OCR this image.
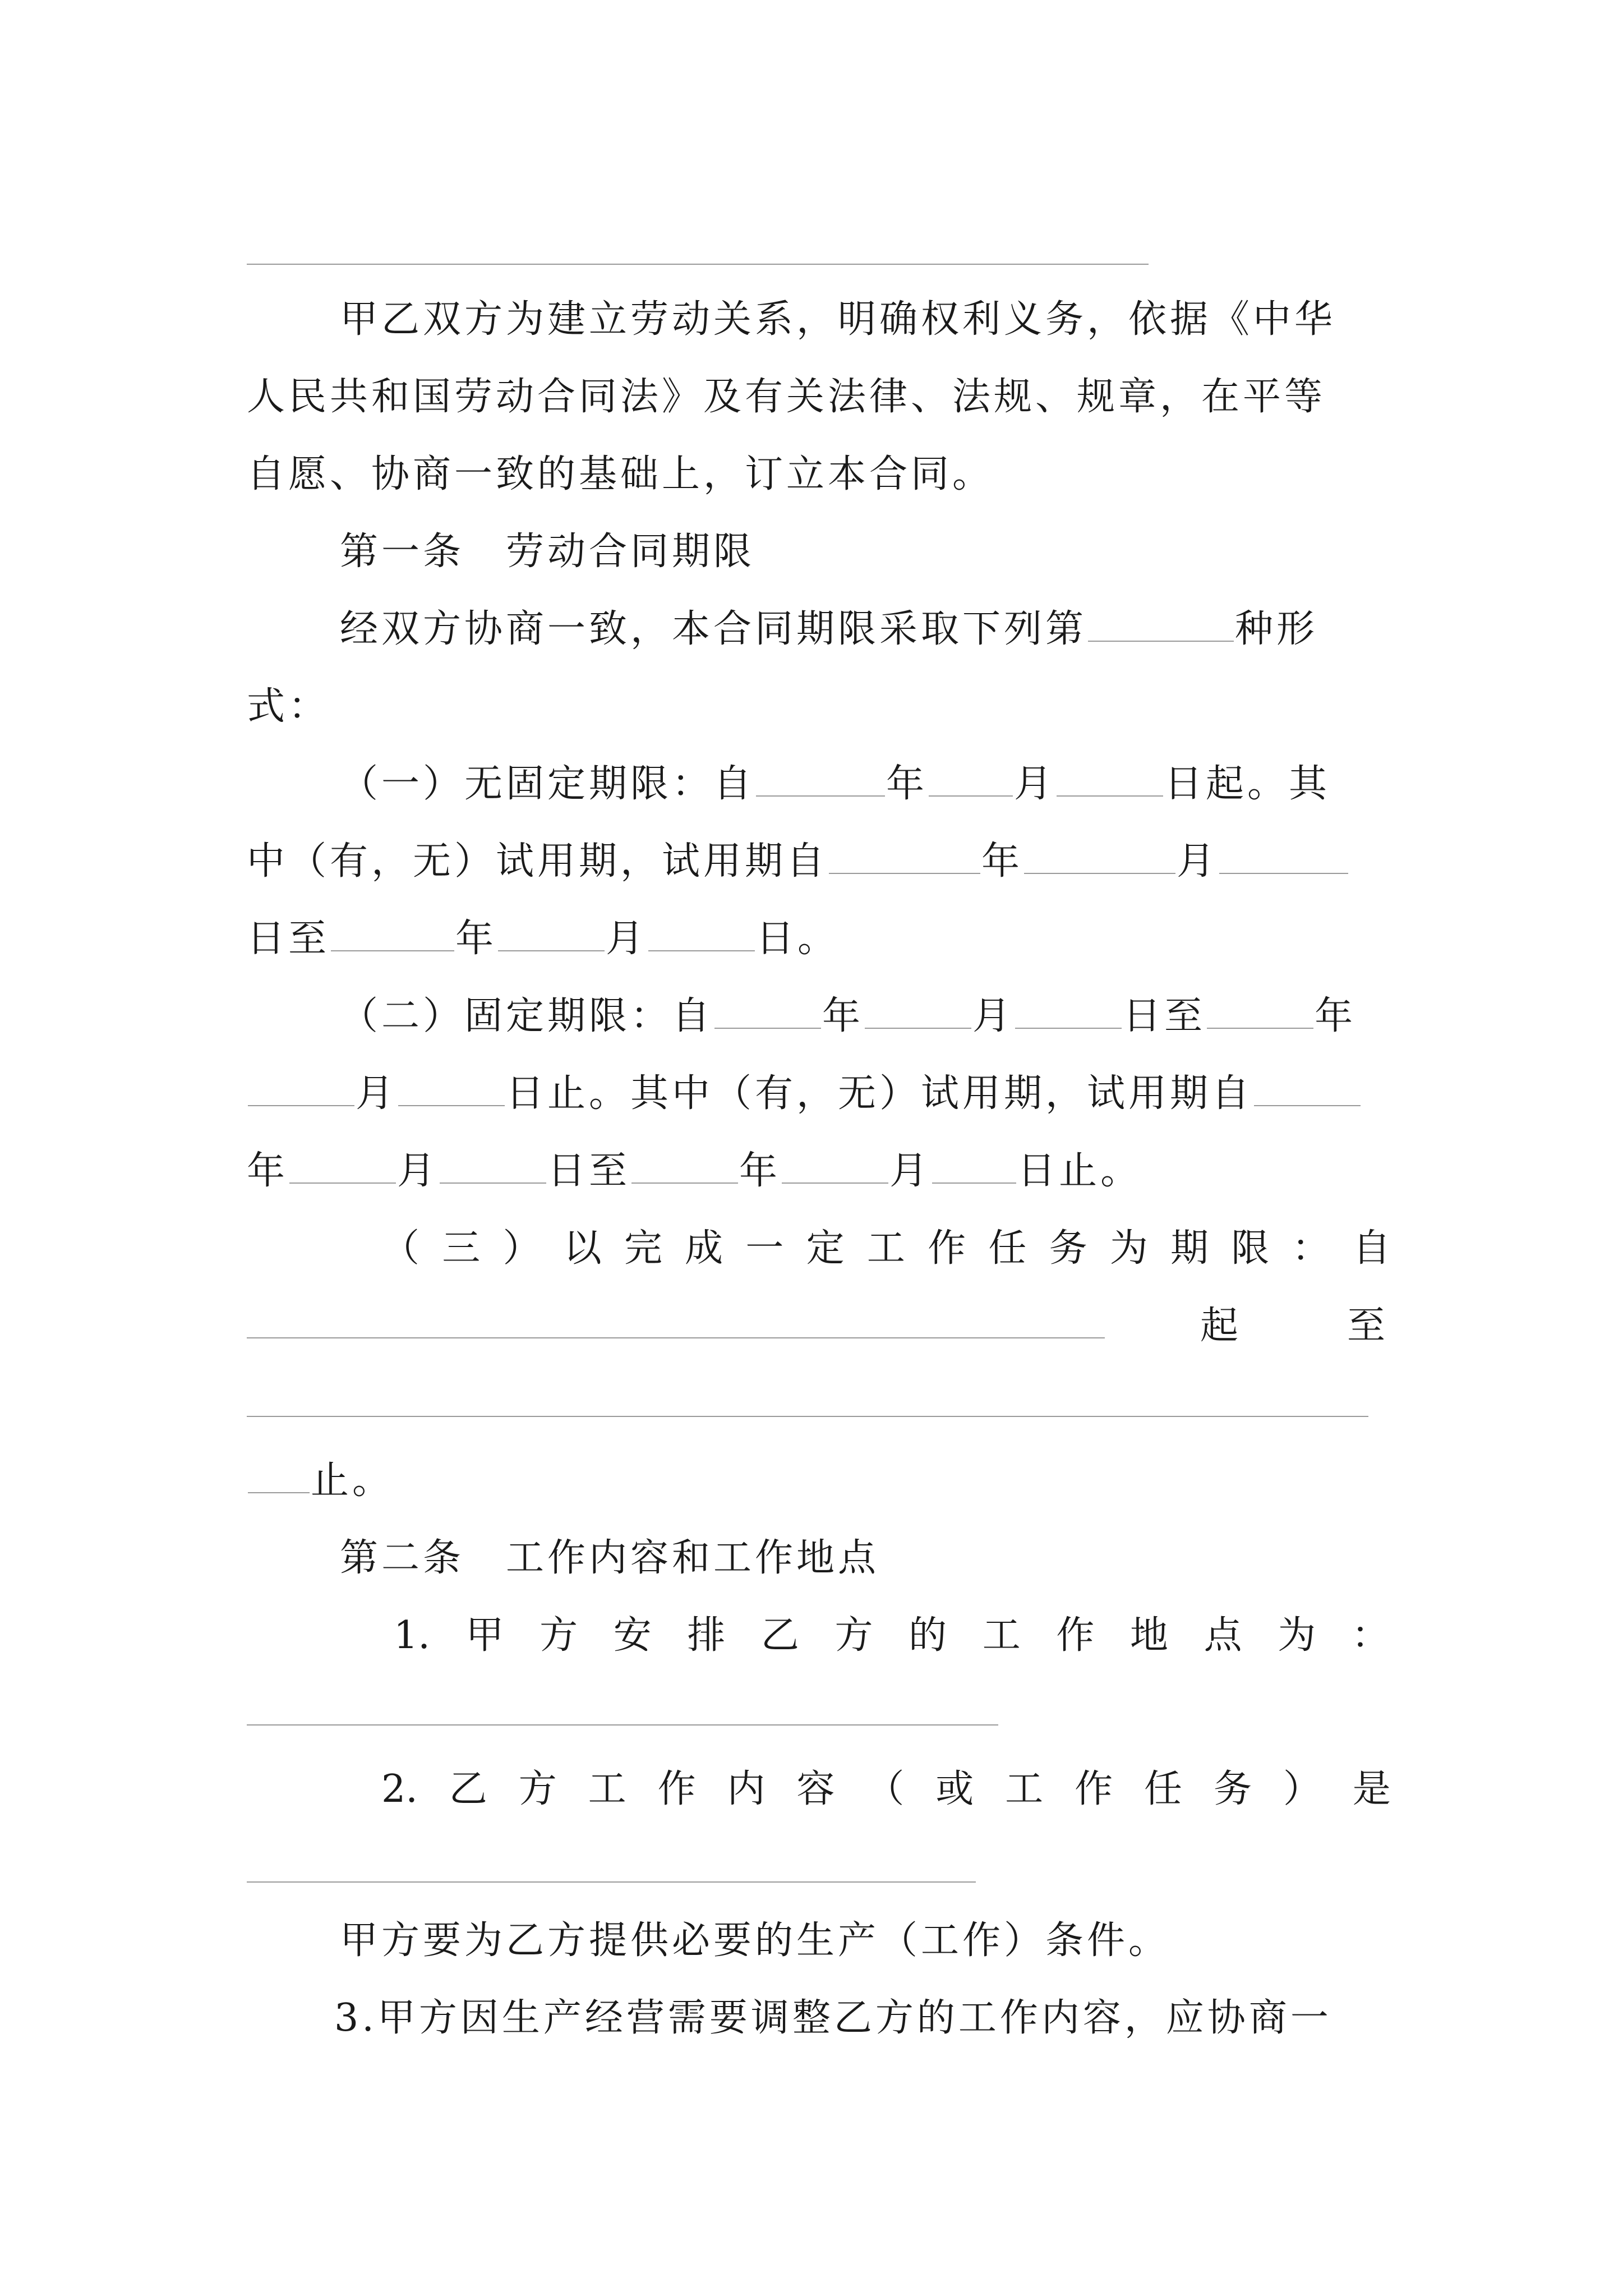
甲乙双方为建立劳动关系，明确权利义务，依据《中华
人民共和国劳动合同法》及有关法律、法规、规章，在平等
自愿、协商一致的基础上，订立本合同。
第一条　劳动合同期限
经双方协商一致，本合同期限采取下列第	种形
式：
（一）无固定期限：自	年 月	日起。其
中（有，无）试用期，试用期自	年	月
日至	年	月	日。
（二）固定期限：自	年	月	日至	年
月	日止。其中（有，无）试用期，试用期自
年	月	日至	年	月 日止。
（ 三 ） 以 完 成 一 定 工 作 任 务 为 期 限 ： 自
起	至
止。
第二条　工作内容和工作地点
1. 甲 方 安 排 乙 方 的 工 作 地 点 为 ：
2. 乙 方 工 作 内 容 （ 或 工 作 任 务 ） 是
甲方要为乙方提供必要的生产（工作）条件。
3.甲方因生产经营需要调整乙方的工作内容，应协商一
